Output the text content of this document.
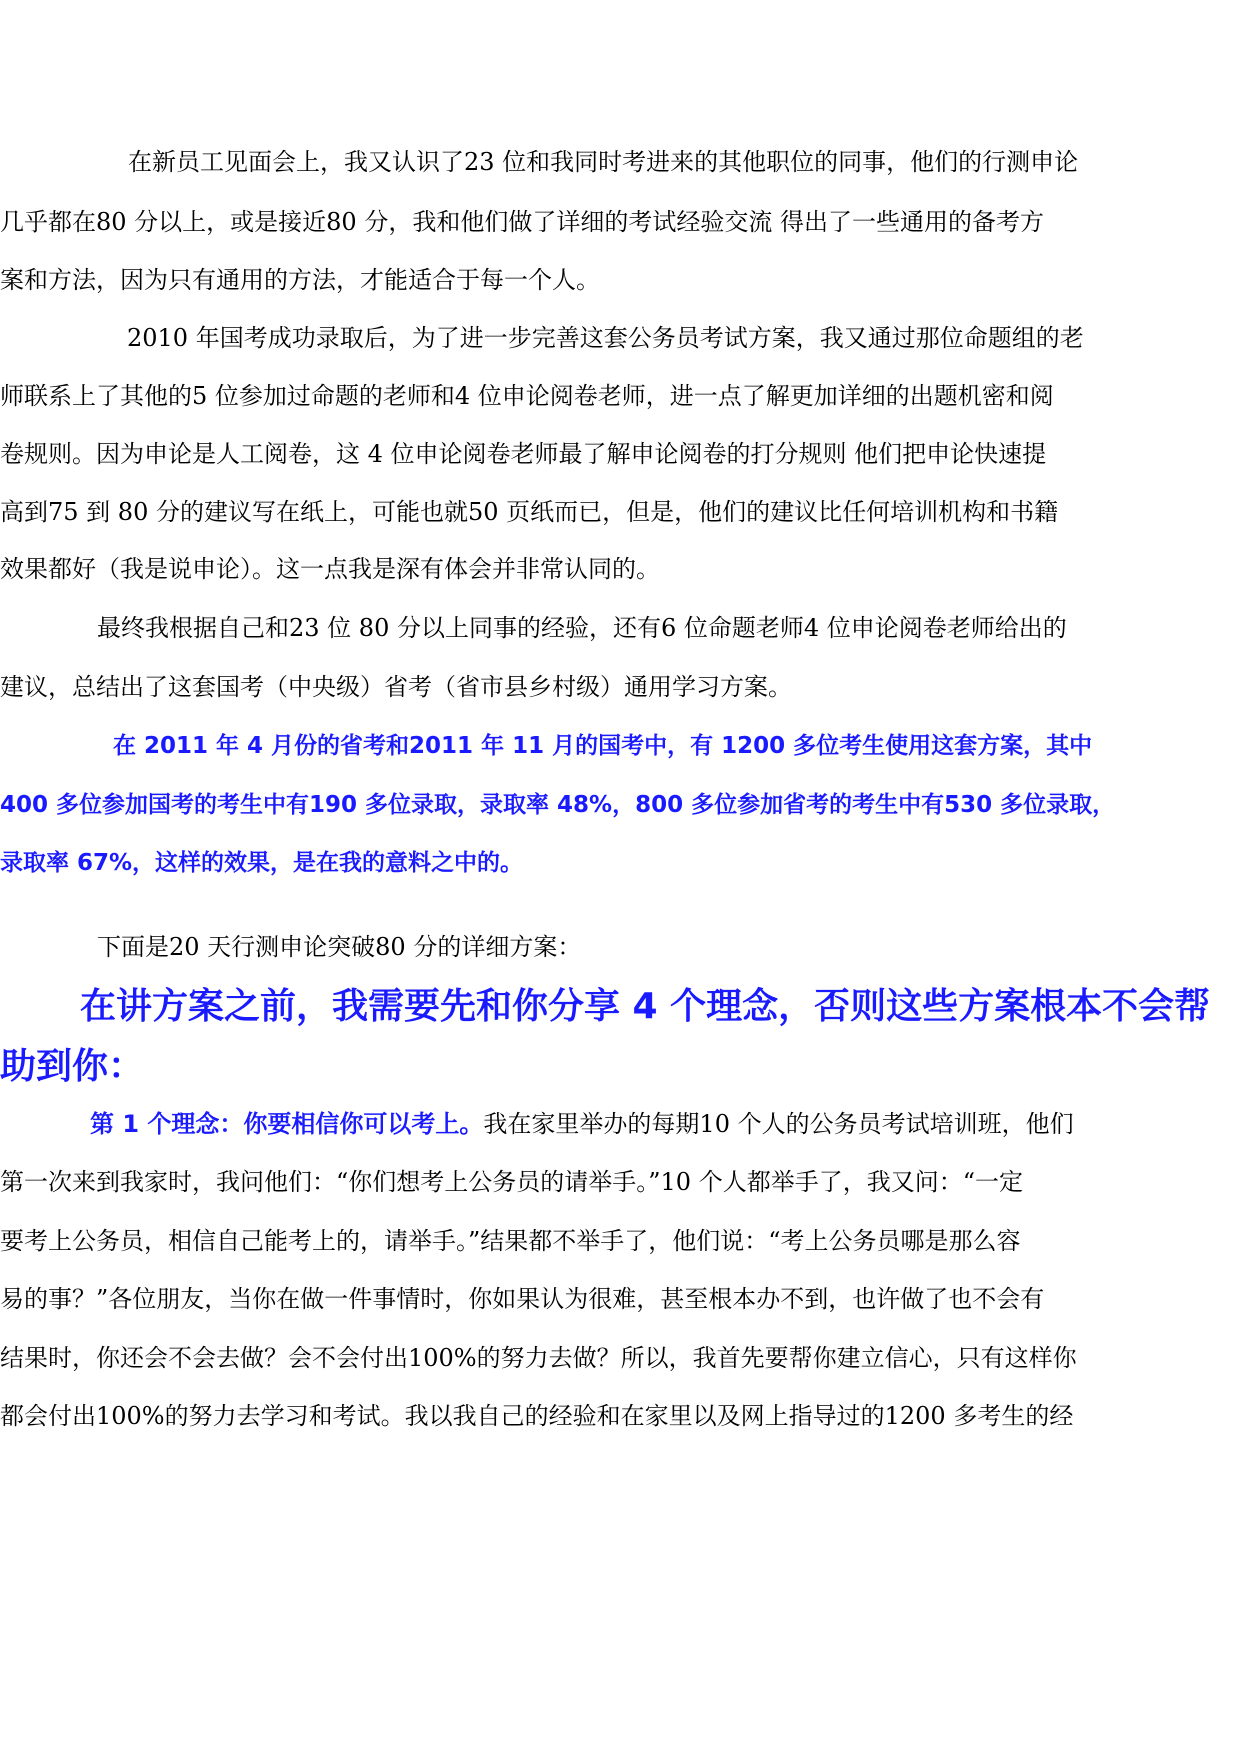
在新员工见面会上，我又认识了23 位和我同时考进来的其他职位的同事，他们的行测申论
几乎都在80 分以上，或是接近80 分，我和他们做了详细的考试经验交流 得出了一些通用的备考方
案和方法，因为只有通用的方法，才能适合于每一个人。
2010 年国考成功录取后，为了进一步完善这套公务员考试方案，我又通过那位命题组的老
师联系上了其他的5 位参加过命题的老师和4 位申论阅卷老师，进一点了解更加详细的出题机密和阅
卷规则。因为申论是人工阅卷，这 4 位申论阅卷老师最了解申论阅卷的打分规则 他们把申论快速提
高到75 到 80 分的建议写在纸上，可能也就50 页纸而已，但是，他们的建议比任何培训机构和书籍
效果都好（我是说申论）。这一点我是深有体会并非常认同的。
最终我根据自己和23 位 80 分以上同事的经验，还有6 位命题老师4 位申论阅卷老师给出的
建议，总结出了这套国考（中央级）省考（省市县乡村级）通用学习方案。
在 2011 年 4 月份的省考和2011 年 11 月的国考中，有 1200 多位考生使用这套方案，其中
400 多位参加国考的考生中有190 多位录取，录取率 48%，800 多位参加省考的考生中有530 多位录取，
录取率 67%，这样的效果，是在我的意料之中的。
下面是20 天行测申论突破80 分的详细方案：
在讲方案之前，我需要先和你分享 4 个理念，否则这些方案根本不会帮
助到你：
第 1 个理念：你要相信你可以考上。我在家里举办的每期10 个人的公务员考试培训班，他们
第一次来到我家时，我问他们：“你们想考上公务员的请举手。”10 个人都举手了，我又问：“一定
要考上公务员，相信自己能考上的，请举手。”结果都不举手了，他们说：“考上公务员哪是那么容
易的事？”各位朋友，当你在做一件事情时，你如果认为很难，甚至根本办不到，也许做了也不会有
结果时，你还会不会去做？会不会付出100%的努力去做？所以，我首先要帮你建立信心，只有这样你
都会付出100%的努力去学习和考试。我以我自己的经验和在家里以及网上指导过的1200 多考生的经
